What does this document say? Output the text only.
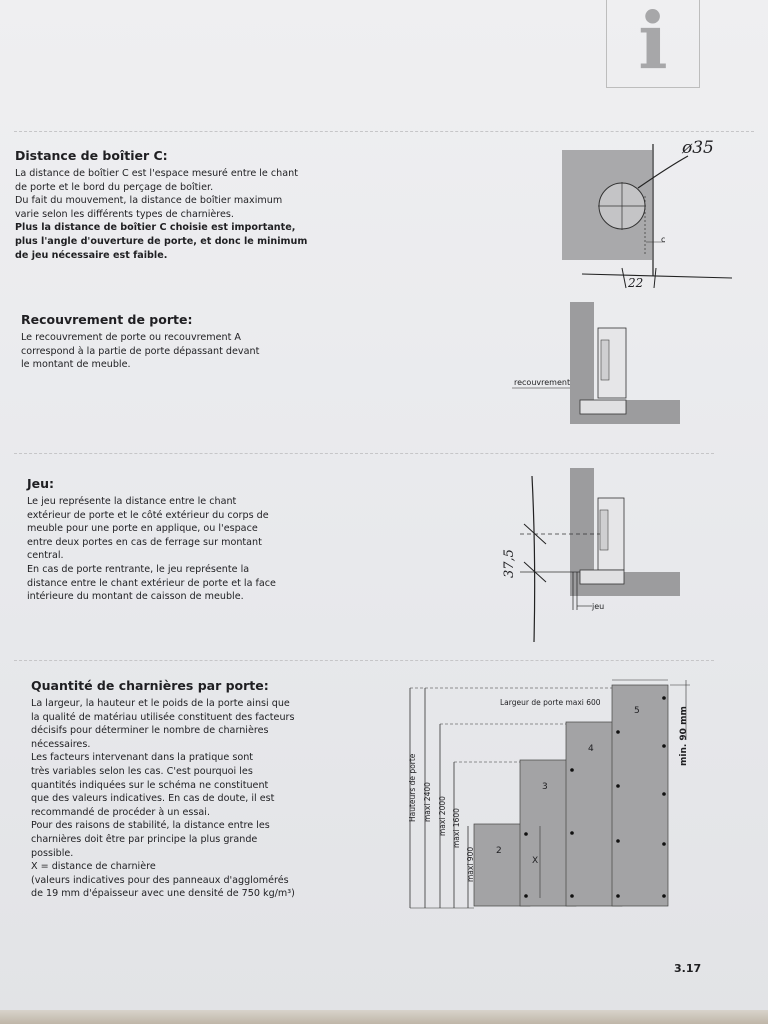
i
Distance de boîtier C:

La distance de boîtier C est l'espace mesuré entre le chant

de porte et le bord du perçage de boîtier.

Du fait du mouvement, la distance de boîtier maximum

varie selon les différents types de charnières.

Plus la distance de boîtier C choisie est importante,

plus l'angle d'ouverture de porte, et donc le minimum

de jeu nécessaire est faible.

ø35
c
22
Recouvrement de porte:

Le recouvrement de porte ou recouvrement A

correspond à la partie de porte dépassant devant

le montant de meuble.

recouvrement
Jeu:

Le jeu représente la distance entre le chant

extérieur de porte et le côté extérieur du corps de

meuble pour une porte en applique, ou l'espace

entre deux portes en cas de ferrage sur montant

central.

En cas de porte rentrante, le jeu représente la

distance entre le chant extérieur de porte et la face

intérieure du montant de caisson de meuble.

37,5
jeu
Quantité de charnières par porte:

La largeur, la hauteur et le poids de la porte ainsi que

la qualité de matériau utilisée constituent des facteurs

décisifs pour déterminer le nombre de charnières

nécessaires.

Les facteurs intervenant dans la pratique sont

très variables selon les cas. C'est pourquoi les

quantités indiquées sur le schéma ne constituent

que des valeurs indicatives. En cas de doute, il est

recommandé de procéder à un essai.

Pour des raisons de stabilité, la distance entre les

charnières doit être par principe la plus grande

possible.

X = distance de charnière

(valeurs indicatives pour des panneaux d'agglomérés

de 19 mm d'épaisseur avec une densité de 750 kg/m³)

Largeur de porte maxi 600
Hauteurs de porte maxi 2400 maxi 2000 maxi 1600
maxi 900 2
3
4
5	min. 90 mm
X
3.17
